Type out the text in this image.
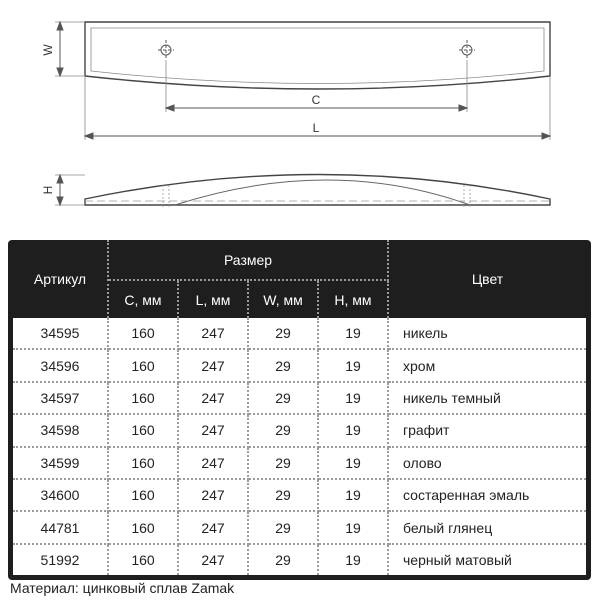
W
C
L
H
Артикул	Размер				Цвет
	C, мм	L, мм	W, мм	H, мм	
34595	160	247	29	19	никель
34596	160	247	29	19	хром
34597	160	247	29	19	никель темный
34598	160	247	29	19	графит
34599	160	247	29	19	олово
34600	160	247	29	19	состаренная эмаль
44781	160	247	29	19	белый глянец
51992	160	247	29	19	черный матовый
Материал: цинковый сплав Zamak
